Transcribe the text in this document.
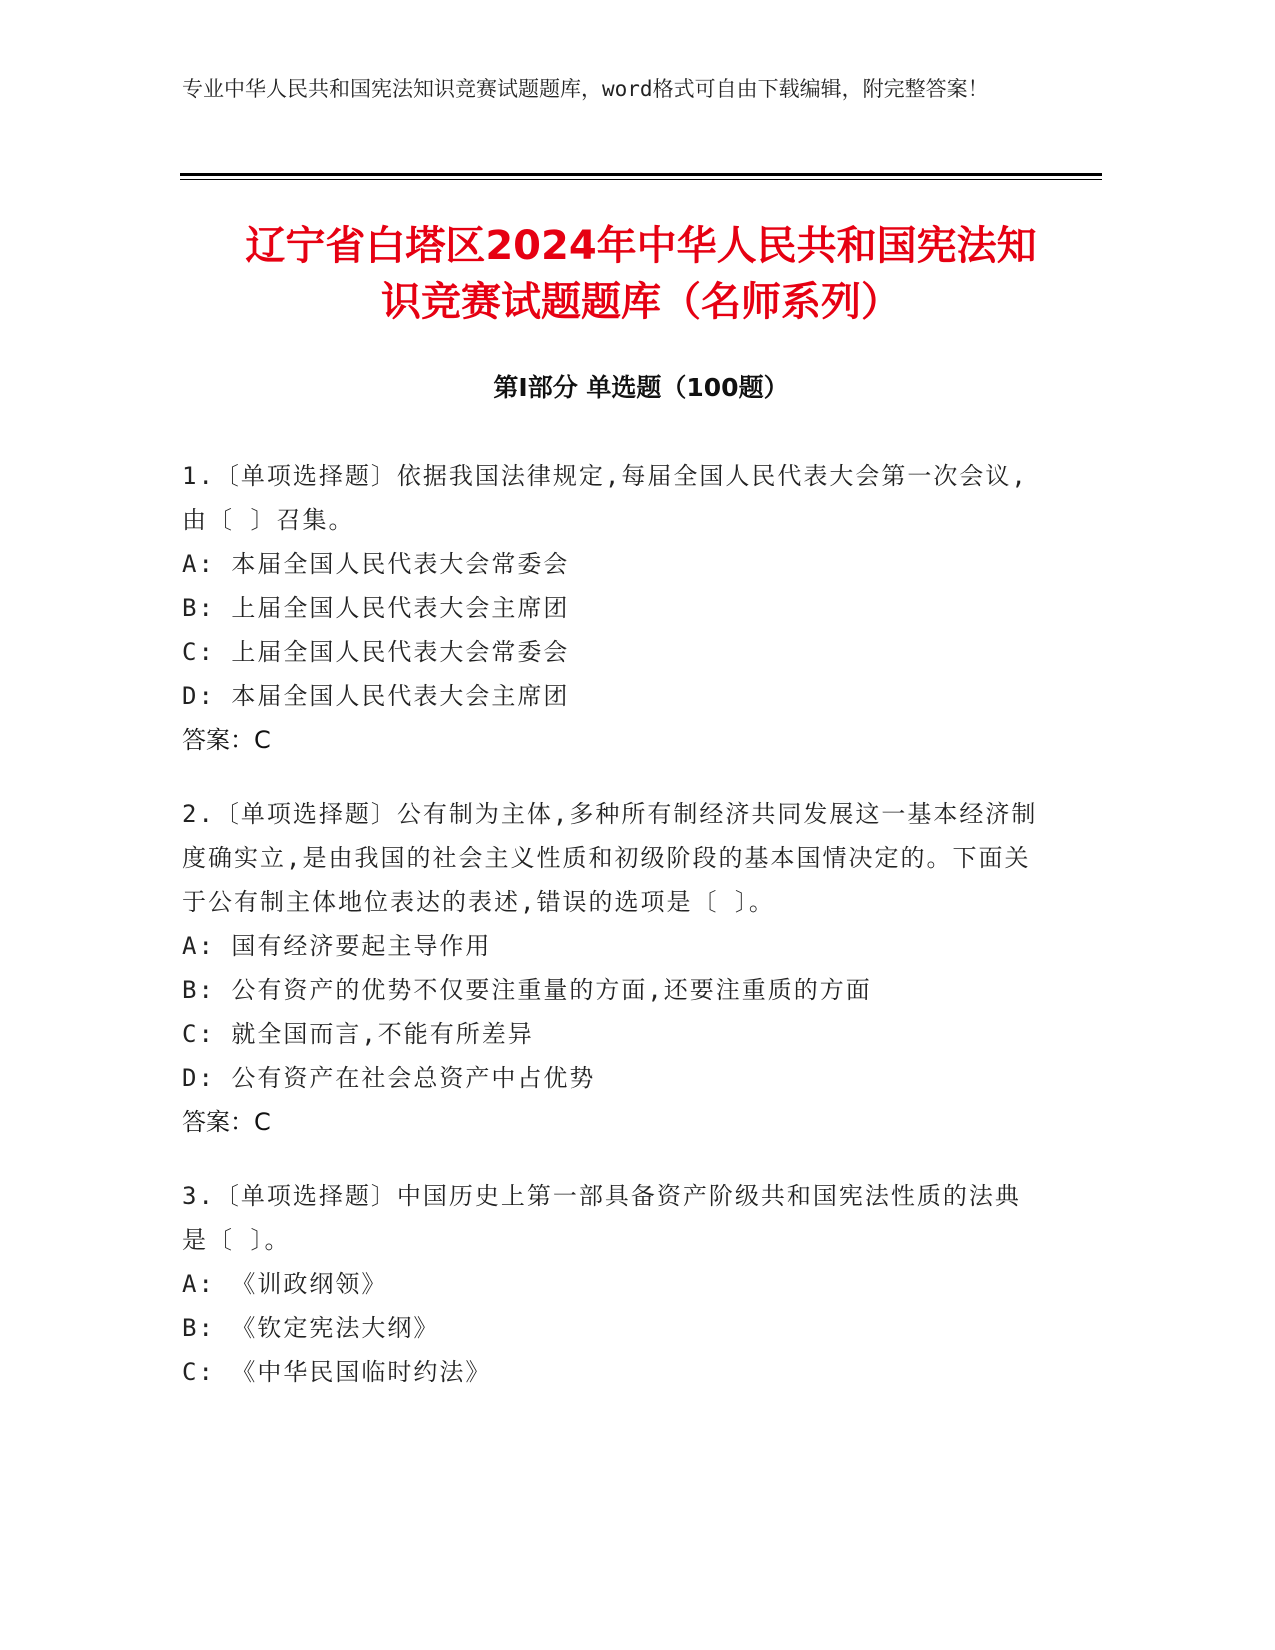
专业中华人民共和国宪法知识竞赛试题题库，word格式可自由下载编辑，附完整答案！
辽宁省白塔区2024年中华人民共和国宪法知
识竞赛试题题库（名师系列）
第Ⅰ部分 单选题（100题）
1.〔单项选择题〕依据我国法律规定,每届全国人民代表大会第一次会议,由〔 〕召集。
A: 本届全国人民代表大会常委会
B: 上届全国人民代表大会主席团
C: 上届全国人民代表大会常委会
D: 本届全国人民代表大会主席团
答案：C
2.〔单项选择题〕公有制为主体,多种所有制经济共同发展这一基本经济制度确实立,是由我国的社会主义性质和初级阶段的基本国情决定的。下面关于公有制主体地位表达的表述,错误的选项是〔 〕。
A: 国有经济要起主导作用
B: 公有资产的优势不仅要注重量的方面,还要注重质的方面
C: 就全国而言,不能有所差异
D: 公有资产在社会总资产中占优势
答案：C
3.〔单项选择题〕中国历史上第一部具备资产阶级共和国宪法性质的法典是〔 〕。
A: 《训政纲领》
B: 《钦定宪法大纲》
C: 《中华民国临时约法》
